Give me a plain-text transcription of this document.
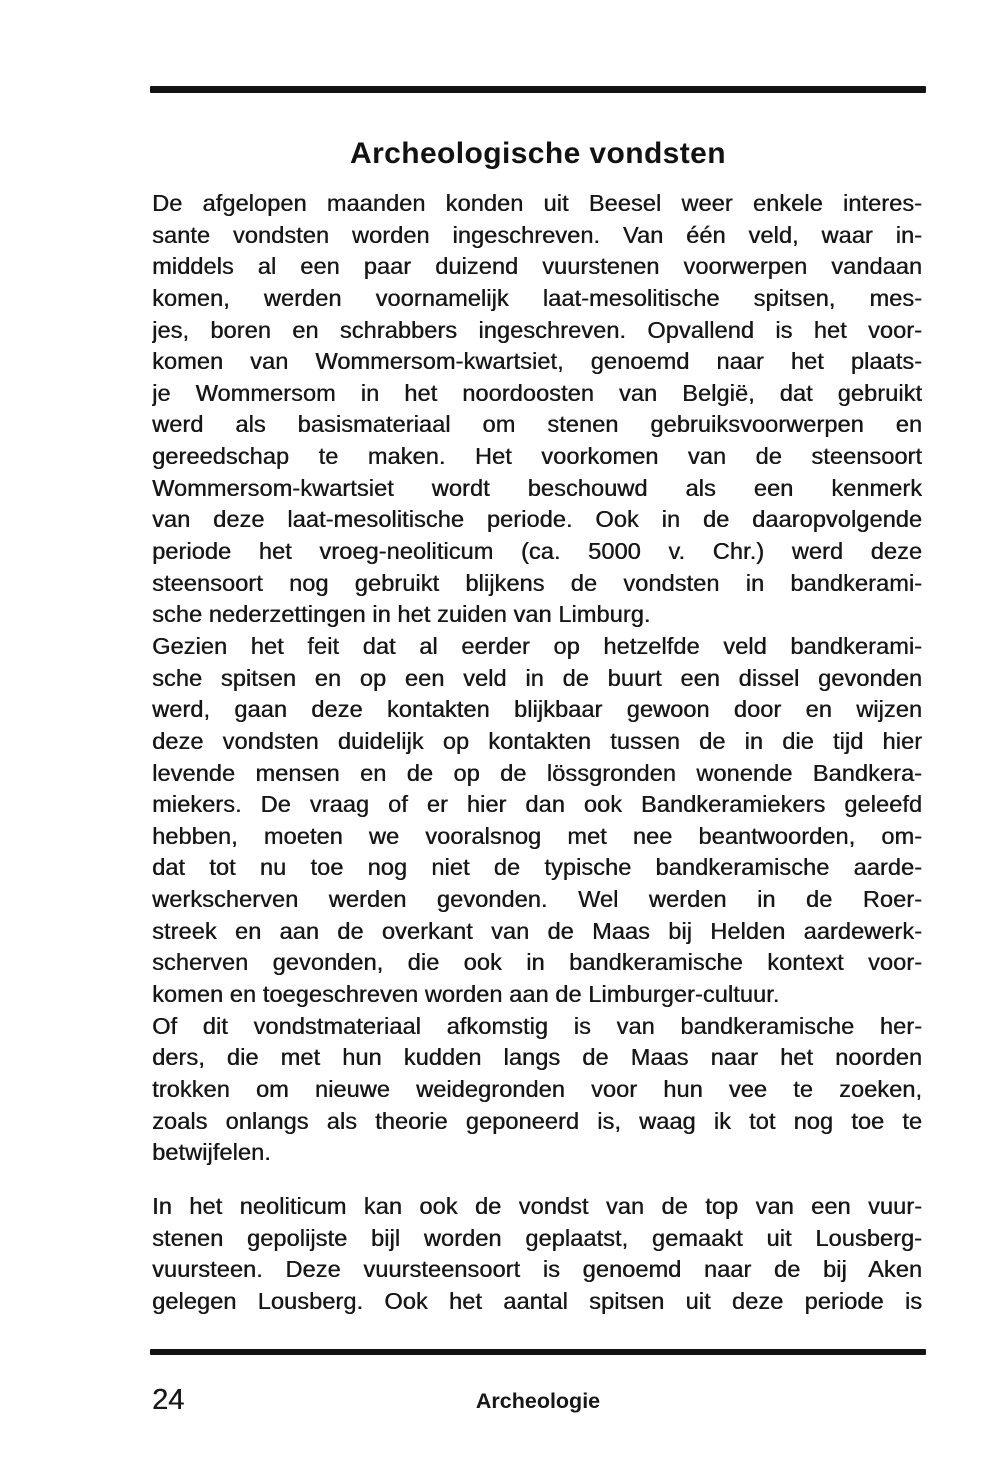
Archeologische vondsten
De afgelopen maanden konden uit Beesel weer enkele interes-
sante vondsten worden ingeschreven. Van één veld, waar in-
middels al een paar duizend vuurstenen voorwerpen vandaan
komen, werden voornamelijk laat-mesolitische spitsen, mes-
jes, boren en schrabbers ingeschreven. Opvallend is het voor-
komen van Wommersom-kwartsiet, genoemd naar het plaats-
je Wommersom in het noordoosten van België, dat gebruikt
werd als basismateriaal om stenen gebruiksvoorwerpen en
gereedschap te maken. Het voorkomen van de steensoort
Wommersom-kwartsiet wordt beschouwd als een kenmerk
van deze laat-mesolitische periode. Ook in de daaropvolgende
periode het vroeg-neoliticum (ca. 5000 v. Chr.) werd deze
steensoort nog gebruikt blijkens de vondsten in bandkerami-
sche nederzettingen in het zuiden van Limburg.
Gezien het feit dat al eerder op hetzelfde veld bandkerami-
sche spitsen en op een veld in de buurt een dissel gevonden
werd, gaan deze kontakten blijkbaar gewoon door en wijzen
deze vondsten duidelijk op kontakten tussen de in die tijd hier
levende mensen en de op de lössgronden wonende Bandkera-
miekers. De vraag of er hier dan ook Bandkeramiekers geleefd
hebben, moeten we vooralsnog met nee beantwoorden, om-
dat tot nu toe nog niet de typische bandkeramische aarde-
werkscherven werden gevonden. Wel werden in de Roer-
streek en aan de overkant van de Maas bij Helden aardewerk-
scherven gevonden, die ook in bandkeramische kontext voor-
komen en toegeschreven worden aan de Limburger-cultuur.
Of dit vondstmateriaal afkomstig is van bandkeramische her-
ders, die met hun kudden langs de Maas naar het noorden
trokken om nieuwe weidegronden voor hun vee te zoeken,
zoals onlangs als theorie geponeerd is, waag ik tot nog toe te
betwijfelen.
In het neoliticum kan ook de vondst van de top van een vuur-
stenen gepolijste bijl worden geplaatst, gemaakt uit Lousberg-
vuursteen. Deze vuursteensoort is genoemd naar de bij Aken
gelegen Lousberg. Ook het aantal spitsen uit deze periode is
24	Archeologie
